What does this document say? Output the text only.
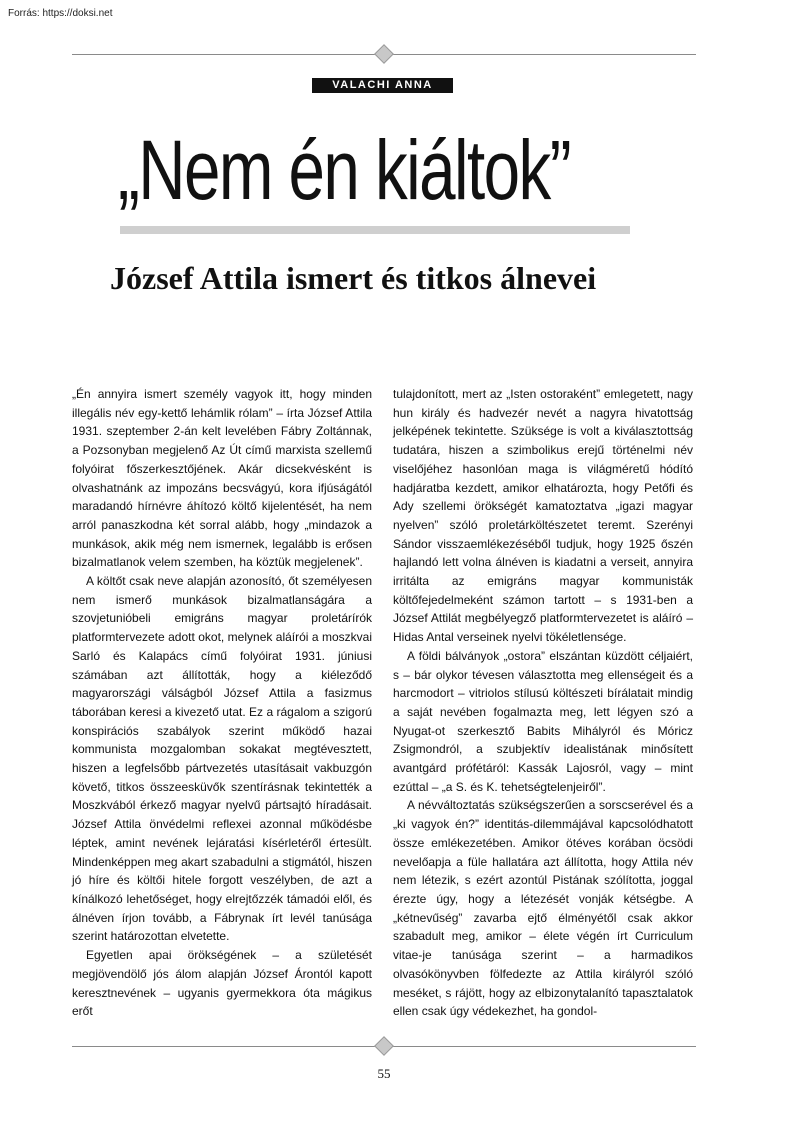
Forrás: https://doksi.net
VALACHI ANNA
„Nem én kiáltok”
József Attila ismert és titkos álnevei

„Én annyira ismert személy vagyok itt, hogy minden illegális név egy-kettő lehámlik rólam” – írta József Attila 1931. szeptember 2-án kelt levelében Fábry Zoltánnak, a Pozsonyban megjelenő Az Út című marxista szellemű folyóirat főszerkesztőjének. Akár dicsekvésként is olvashatnánk az impozáns becsvágyú, kora ifjúságától maradandó hírnévre áhítozó költő kijelentését, ha nem arról panaszkodna két sorral alább, hogy „mindazok a munkások, akik még nem ismernek, legalább is erősen bizalmatlanok velem szemben, ha köztük megjelenek”.

A költőt csak neve alapján azonosító, őt személyesen nem ismerő munkások bizalmatlanságára a szovjetunióbeli emigráns magyar proletárírók platformtervezete adott okot, melynek aláírói a moszkvai Sarló és Kalapács című folyóirat 1931. júniusi számában azt állították, hogy a kiéleződő magyarországi válságból József Attila a fasizmus táborában keresi a kivezető utat. Ez a rágalom a szigorú konspirációs szabályok szerint működő hazai kommunista mozgalomban sokakat megtévesztett, hiszen a legfelsőbb pártvezetés utasításait vakbuzgón követő, titkos összeesküvők szentírásnak tekintették a Moszkvából érkező magyar nyelvű pártsajtó híradásait. József Attila önvédelmi reflexei azonnal működésbe léptek, amint nevének lejáratási kísérletéről értesült. Mindenképpen meg akart szabadulni a stigmától, hiszen jó híre és költői hitele forgott veszélyben, de azt a kínálkozó lehetőséget, hogy elrejtőzzék támadói elől, és álnéven írjon tovább, a Fábrynak írt levél tanúsága szerint határozottan elvetette.

Egyetlen apai örökségének – a születését megjövendölő jós álom alapján József Árontól kapott keresztnevének – ugyanis gyermekkora óta mágikus erőt

tulajdonított, mert az „Isten ostoraként” emlegetett, nagy hun király és hadvezér nevét a nagyra hivatottság jelképének tekintette. Szüksége is volt a kiválasztottság tudatára, hiszen a szimbolikus erejű történelmi név viselőjéhez hasonlóan maga is világméretű hódító hadjáratba kezdett, amikor elhatározta, hogy Petőfi és Ady szellemi örökségét kamatoztatva „igazi magyar nyelven” szóló proletárköltészetet teremt. Szerényi Sándor visszaemlékezéséből tudjuk, hogy 1925 őszén hajlandó lett volna álnéven is kiadatni a verseit, annyira irritálta az emigráns magyar kommunisták költőfejedelmeként számon tartott – s 1931-ben a József Attilát megbélyegző platformtervezetet is aláíró – Hidas Antal verseinek nyelvi tökéletlensége.

A földi bálványok „ostora” elszántan küzdött céljaiért, s – bár olykor tévesen választotta meg ellenségeit és a harcmodort – vitriolos stílusú költészeti bírálatait mindig a saját nevében fogalmazta meg, lett légyen szó a Nyugat-ot szerkesztő Babits Mihályról és Móricz Zsigmondról, a szubjektív idealistának minősített avantgárd prófétáról: Kassák Lajosról, vagy – mint ezúttal – „a S. és K. tehetségtelenjeiről”.

A névváltoztatás szükségszerűen a sorscserével és a „ki vagyok én?” identitás-dilemmájával kapcsolódhatott össze emlékezetében. Amikor ötéves korában öcsödi nevelőapja a füle hallatára azt állította, hogy Attila név nem létezik, s ezért azontúl Pistának szólította, joggal érezte úgy, hogy a létezését vonják kétségbe. A „kétnevűség” zavarba ejtő élményétől csak akkor szabadult meg, amikor – élete végén írt Curriculum vitae-je tanúsága szerint – a harmadikos olvasókönyvben fölfedezte az Attila királyról szóló meséket, s rájött, hogy az elbizonytalanító tapasztalatok ellen csak úgy védekezhet, ha gondol-

55
